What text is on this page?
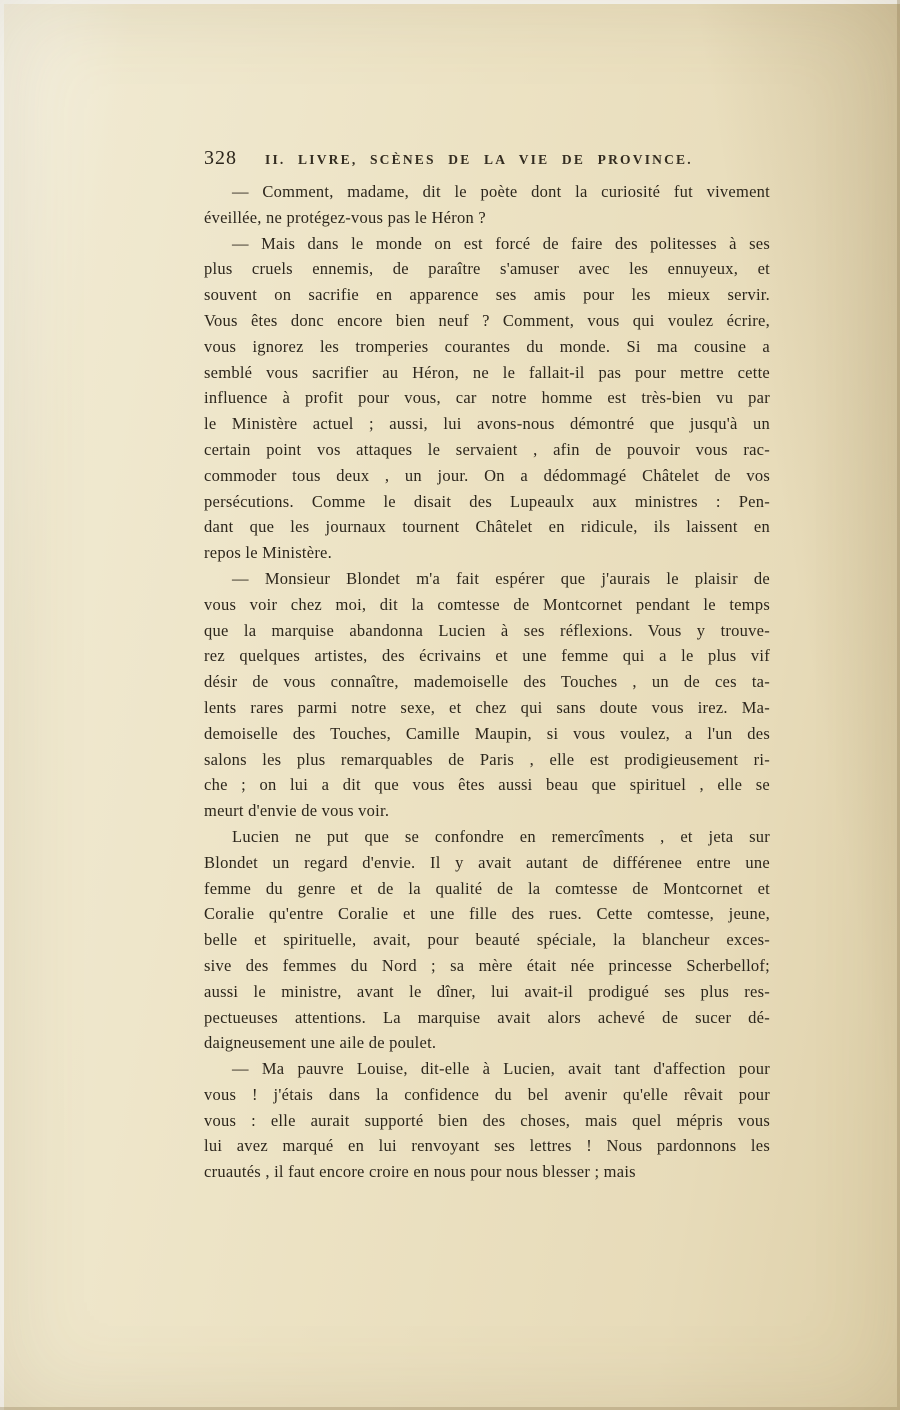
328 II. LIVRE, SCÈNES DE LA VIE DE PROVINCE.
— Comment, madame, dit le poète dont la curiosité fut vivement
éveillée, ne protégez-vous pas le Héron ?
— Mais dans le monde on est forcé de faire des politesses à ses
plus cruels ennemis, de paraître s'amuser avec les ennuyeux, et
souvent on sacrifie en apparence ses amis pour les mieux servir.
Vous êtes donc encore bien neuf ? Comment, vous qui voulez écrire,
vous ignorez les tromperies courantes du monde. Si ma cousine a
semblé vous sacrifier au Héron, ne le fallait-il pas pour mettre cette
influence à profit pour vous, car notre homme est très-bien vu par
le Ministère actuel ; aussi, lui avons-nous démontré que jusqu'à un
certain point vos attaques le servaient , afin de pouvoir vous rac-
commoder tous deux , un jour. On a dédommagé Châtelet de vos
persécutions. Comme le disait des Lupeaulx aux ministres : Pen-
dant que les journaux tournent Châtelet en ridicule, ils laissent en
repos le Ministère.
— Monsieur Blondet m'a fait espérer que j'aurais le plaisir de
vous voir chez moi, dit la comtesse de Montcornet pendant le temps
que la marquise abandonna Lucien à ses réflexions. Vous y trouve-
rez quelques artistes, des écrivains et une femme qui a le plus vif
désir de vous connaître, mademoiselle des Touches , un de ces ta-
lents rares parmi notre sexe, et chez qui sans doute vous irez. Ma-
demoiselle des Touches, Camille Maupin, si vous voulez, a l'un des
salons les plus remarquables de Paris , elle est prodigieusement ri-
che ; on lui a dit que vous êtes aussi beau que spirituel , elle se
meurt d'envie de vous voir.
Lucien ne put que se confondre en remercîments , et jeta sur
Blondet un regard d'envie. Il y avait autant de différenee entre une
femme du genre et de la qualité de la comtesse de Montcornet et
Coralie qu'entre Coralie et une fille des rues. Cette comtesse, jeune,
belle et spirituelle, avait, pour beauté spéciale, la blancheur exces-
sive des femmes du Nord ; sa mère était née princesse Scherbellof;
aussi le ministre, avant le dîner, lui avait-il prodigué ses plus res-
pectueuses attentions. La marquise avait alors achevé de sucer dé-
daigneusement une aile de poulet.
— Ma pauvre Louise, dit-elle à Lucien, avait tant d'affection pour
vous ! j'étais dans la confidence du bel avenir qu'elle rêvait pour
vous : elle aurait supporté bien des choses, mais quel mépris vous
lui avez marqué en lui renvoyant ses lettres ! Nous pardonnons les
cruautés , il faut encore croire en nous pour nous blesser ; mais
